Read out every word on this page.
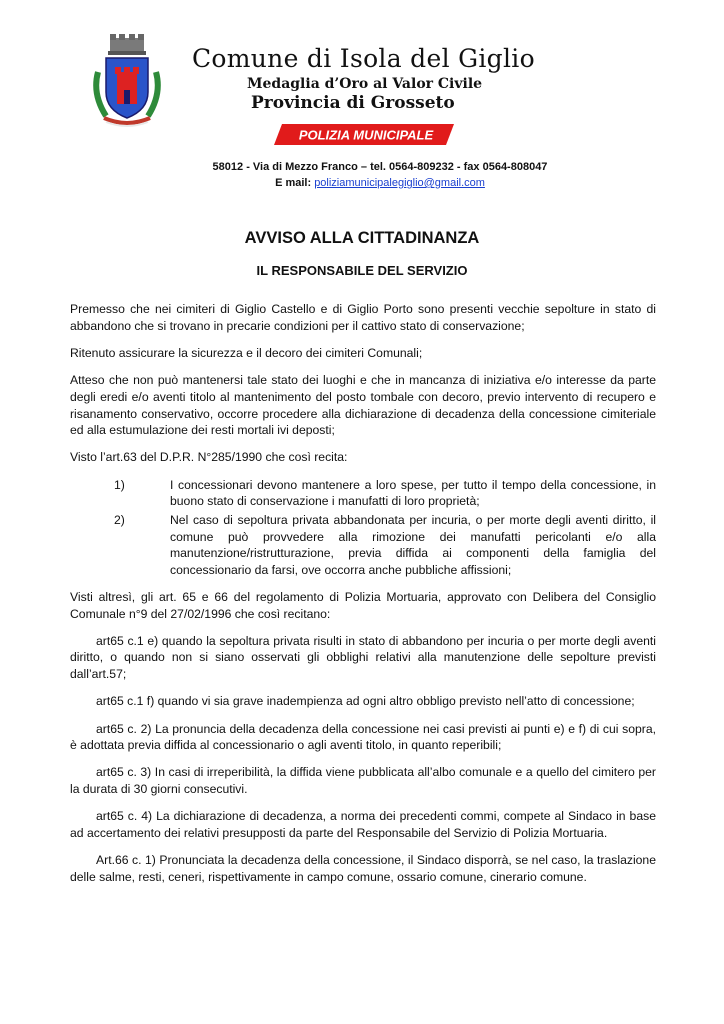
Comune di Isola del Giglio
Medaglia d’Oro al Valor Civile
Provincia di Grosseto
POLIZIA MUNICIPALE
58012 - Via di Mezzo Franco – tel. 0564-809232 - fax 0564-808047
E mail: poliziamunicipalegiglio@gmail.com
AVVISO ALLA CITTADINANZA
IL RESPONSABILE DEL SERVIZIO

Premesso che nei cimiteri di Giglio Castello e di Giglio Porto sono presenti vecchie sepolture in stato di abbandono che si trovano in precarie condizioni per il cattivo stato di conservazione;

Ritenuto assicurare la sicurezza e il decoro dei cimiteri Comunali;

Atteso che non può mantenersi tale stato dei luoghi e che in mancanza di iniziativa e/o interesse da parte degli eredi e/o aventi titolo al mantenimento del posto tombale con decoro, previo intervento di recupero e risanamento conservativo, occorre procedere alla dichiarazione di decadenza della concessione cimiteriale ed alla estumulazione dei resti mortali ivi deposti;

Visto l’art.63 del D.P.R. N°285/1990 che così recita:

1)	I concessionari devono mantenere a loro spese, per tutto il tempo della concessione, in buono stato di conservazione i manufatti di loro proprietà;
2)	Nel caso di sepoltura privata abbandonata per incuria, o per morte degli aventi diritto, il comune può provvedere alla rimozione dei manufatti pericolanti e/o alla manutenzione/ristrutturazione, previa diffida ai componenti della famiglia del concessionario da farsi, ove occorra anche pubbliche affissioni;

Visti altresì, gli art. 65 e 66 del regolamento di Polizia Mortuaria, approvato con Delibera del Consiglio Comunale n°9 del 27/02/1996 che così recitano:

art65 c.1 e) quando la sepoltura privata risulti in stato di abbandono per incuria o per morte degli aventi diritto, o quando non si siano osservati gli obblighi relativi alla manutenzione delle sepolture previsti dall’art.57;

art65 c.1 f) quando vi sia grave inadempienza ad ogni altro obbligo previsto nell’atto di concessione;

art65 c. 2) La pronuncia della decadenza della concessione nei casi previsti ai punti e) e f) di cui sopra, è adottata previa diffida al concessionario o agli aventi titolo, in quanto reperibili;

art65 c. 3) In casi di irreperibilità, la diffida viene pubblicata all’albo comunale e a quello del cimitero per la durata di 30 giorni consecutivi.

art65 c. 4) La dichiarazione di decadenza, a norma dei precedenti commi, compete al Sindaco in base ad accertamento dei relativi presupposti da parte del Responsabile del Servizio di Polizia Mortuaria.

Art.66 c. 1) Pronunciata la decadenza della concessione, il Sindaco disporrà, se nel caso, la traslazione delle salme, resti, ceneri, rispettivamente in campo comune, ossario comune, cinerario comune.
